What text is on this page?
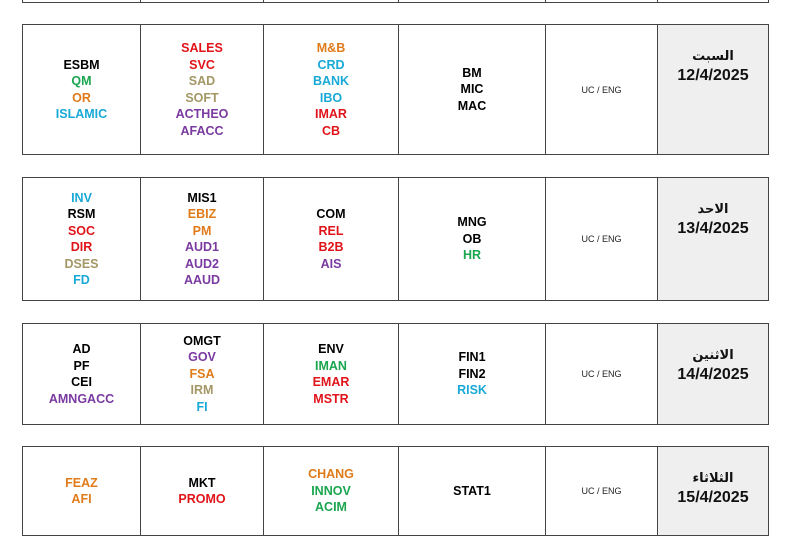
ESBM
QM
OR
ISLAMIC
SALES
SVC
SAD
SOFT
ACTHEO
AFACC
M&B
CRD
BANK
IBO
IMAR
CB
BM
MIC
MAC
UC / ENG
السبت
12/4/2025
INV
RSM
SOC
DIR
DSES
FD
MIS1
EBIZ
PM
AUD1
AUD2
AAUD
COM
REL
B2B
AIS
MNG
OB
HR
UC / ENG
الاحد
13/4/2025
AD
PF
CEI
AMNGACC
OMGT
GOV
FSA
IRM
FI
ENV
IMAN
EMAR
MSTR
FIN1
FIN2
RISK
UC / ENG
الاثنين
14/4/2025
FEAZ
AFI
MKT
PROMO
CHANG
INNOV
ACIM
STAT1	UC / ENG
الثلاثاء
15/4/2025
